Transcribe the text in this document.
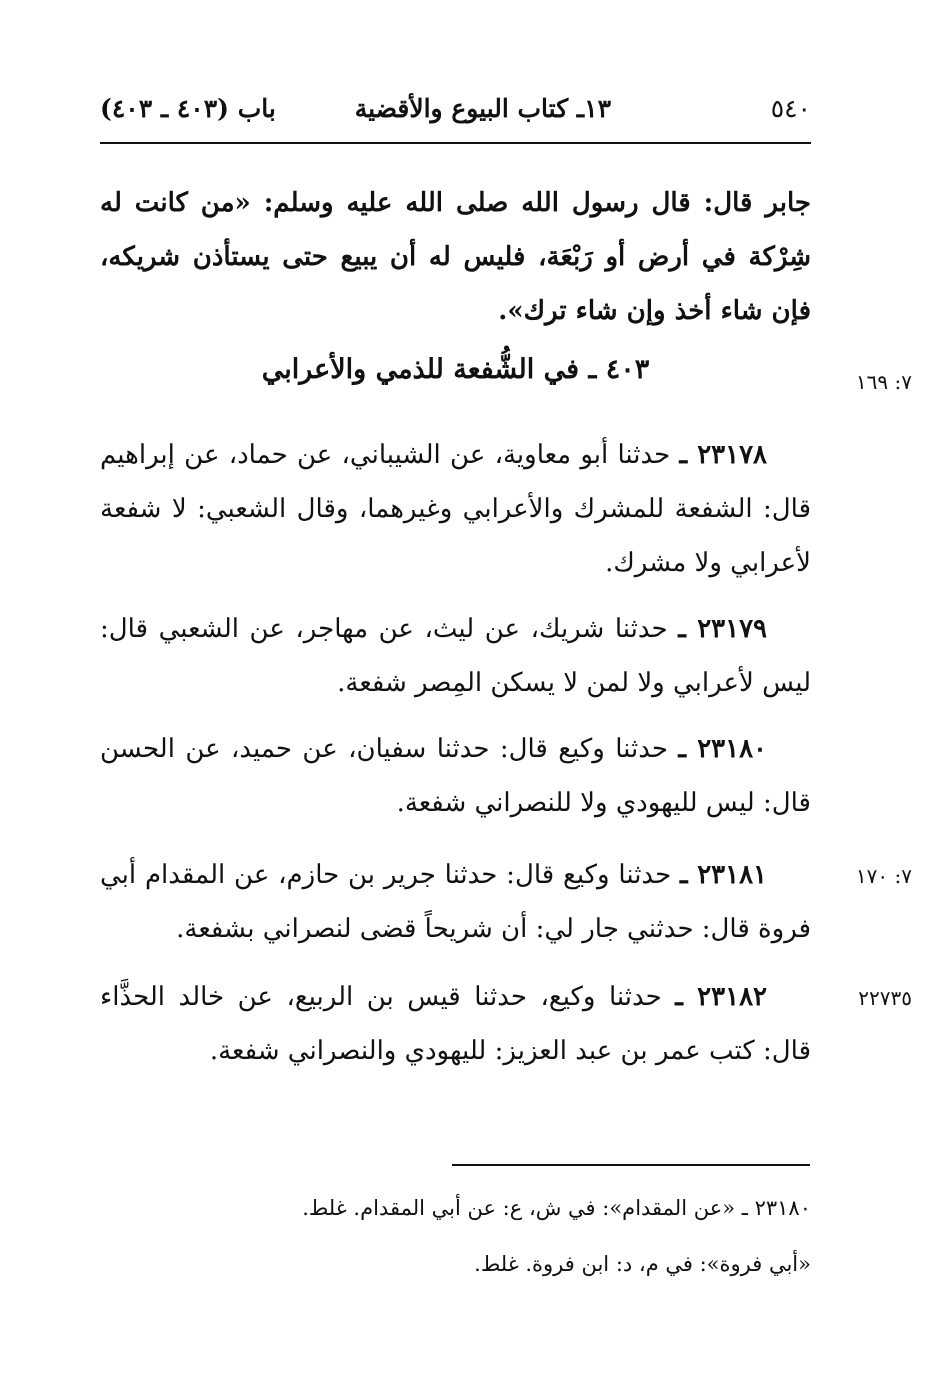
٥٤٠
١٣ـ كتاب البيوع والأقضية
باب (٤٠٣ ـ ٤٠٣)

جابر قال: قال رسول الله صلى الله عليه وسلم: «من كانت له شِرْكة في أرض أو رَبْعَة، فليس له أن يبيع حتى يستأذن شريكه، فإن شاء أخذ وإن شاء ترك».

٤٠٣ ـ في الشُّفعة للذمي والأعرابي	٧: ١٦٩

٢٣١٧٨ ـ حدثنا أبو معاوية، عن الشيباني، عن حماد، عن إبراهيم قال: الشفعة للمشرك والأعرابي وغيرهما، وقال الشعبي: لا شفعة لأعرابي ولا مشرك.

٢٣١٧٩ ـ حدثنا شريك، عن ليث، عن مهاجر، عن الشعبي قال: ليس لأعرابي ولا لمن لا يسكن المِصر شفعة.

٢٣١٨٠ ـ حدثنا وكيع قال: حدثنا سفيان، عن حميد، عن الحسن قال: ليس لليهودي ولا للنصراني شفعة.

٧: ١٧٠

٢٣١٨١ ـ حدثنا وكيع قال: حدثنا جرير بن حازم، عن المقدام أبي فروة قال: حدثني جار لي: أن شريحاً قضى لنصراني بشفعة.

٢٢٧٣٥

٢٣١٨٢ ـ حدثنا وكيع، حدثنا قيس بن الربيع، عن خالد الحذَّاء قال: كتب عمر بن عبد العزيز: لليهودي والنصراني شفعة.

٢٣١٨٠ ـ «عن المقدام»: في ش، ع: عن أبي المقدام. غلط.
«أبي فروة»: في م، د: ابن فروة. غلط.
